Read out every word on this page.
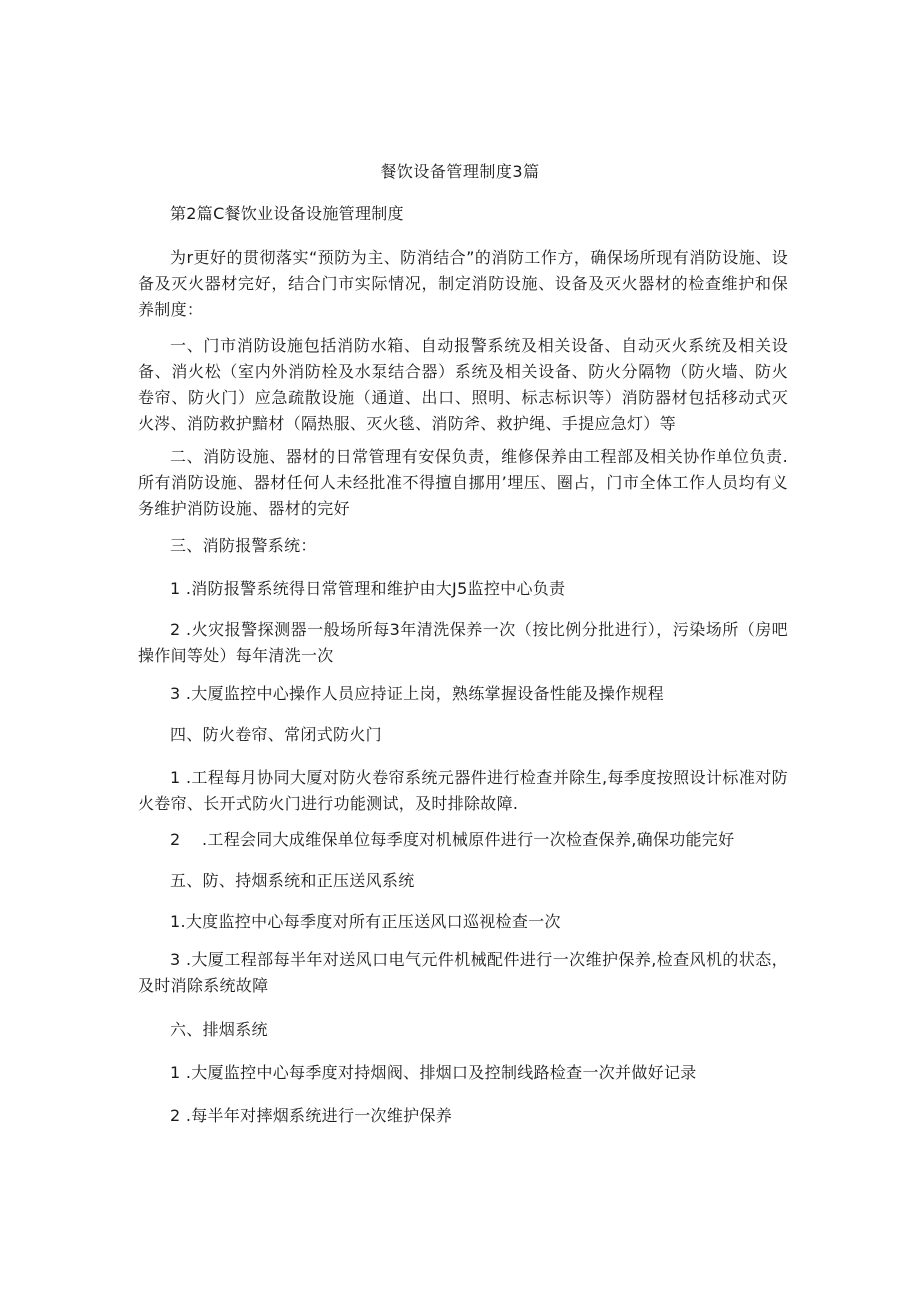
餐饮设备管理制度3篇

第2篇C餐饮业设备设施管理制度

为r更好的贯彻落实“预防为主、防消结合”的消防工作方，确保场所现有消防设施、设备及灭火器材完好，结合门市实际情况，制定消防设施、设备及灭火器材的检查维护和保养制度：

一、门市消防设施包括消防水箱、自动报警系统及相关设备、自动灭火系统及相关设备、消火松（室内外消防栓及水泵结合器）系统及相关设备、防火分隔物（防火墙、防火卷帘、防火门）应急疏散设施（通道、出口、照明、标志标识等）消防器材包括移动式灭火涔、消防救护黯材（隔热服、灭火毯、消防斧、救护绳、手提应急灯）等

二、消防设施、器材的日常管理有安保负责，维修保养由工程部及相关协作单位负责.所有消防设施、器材任何人未经批准不得擅自挪用’埋压、圈占，门市全体工作人员均有义务维护消防设施、器材的完好

三、消防报警系统：

1 .消防报警系统得日常管理和维护由大J5监控中心负责

2 .火灾报警探测器一般场所每3年清洗保养一次（按比例分批进行），污染场所（房吧操作间等处）每年清洗一次

3 .大厦监控中心操作人员应持证上岗，熟练掌握设备性能及操作规程

四、防火卷帘、常闭式防火门

1 .工程每月协同大厦对防火卷帘系统元器件进行检查并除生,每季度按照设计标准对防火卷帘、长开式防火门进行功能测试，及时排除故障.

2    .工程会同大成维保单位每季度对机械原件进行一次检查保养,确保功能完好

五、防、持烟系统和正压送风系统

1.大度监控中心每季度对所有正压送风口巡视检查一次

3 .大厦工程部每半年对送风口电气元件机械配件进行一次维护保养,检查风机的状态，及时消除系统故障

六、排烟系统

1 .大厦监控中心每季度对持烟阀、排烟口及控制线路检查一次并做好记录

2 .每半年对摔烟系统进行一次维护保养
